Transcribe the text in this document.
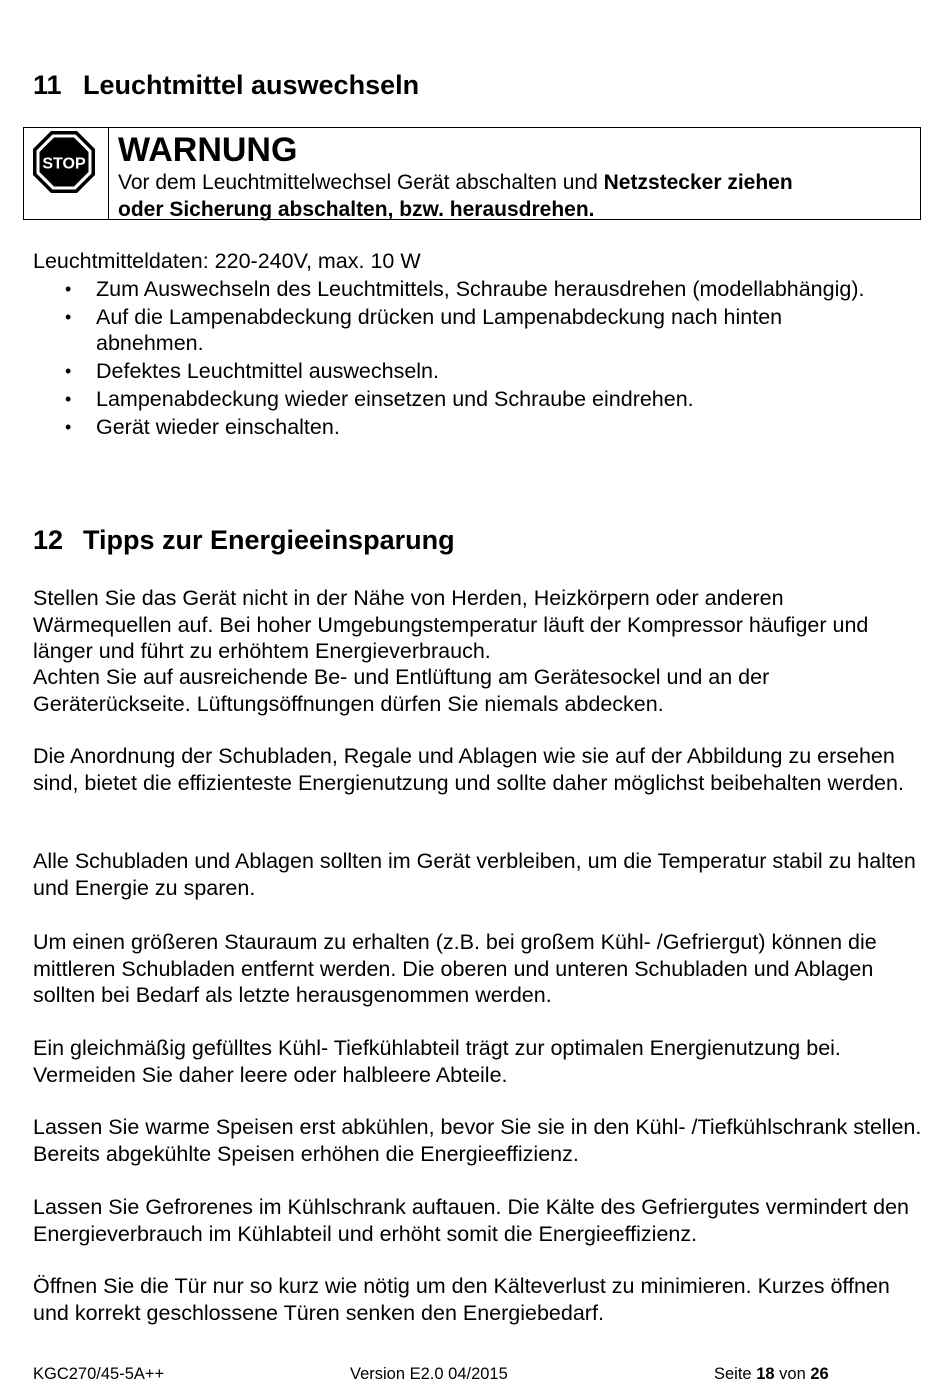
11 Leuchtmittel auswechseln
STOP WARNUNG
Vor dem Leuchtmittelwechsel Gerät abschalten und Netzstecker ziehen
oder Sicherung abschalten, bzw. herausdrehen.

Leuchtmitteldaten: 220-240V, max. 10 W

• Zum Auswechseln des Leuchtmittels, Schraube herausdrehen (modellabhängig).
• Auf die Lampenabdeckung drücken und Lampenabdeckung nach hinten abnehmen.
• Defektes Leuchtmittel auswechseln.
• Lampenabdeckung wieder einsetzen und Schraube eindrehen.
• Gerät wieder einschalten.
12 Tipps zur Energieeinsparung

Stellen Sie das Gerät nicht in der Nähe von Herden, Heizkörpern oder anderen Wärmequellen auf. Bei hoher Umgebungstemperatur läuft der Kompressor häufiger und länger und führt zu erhöhtem Energieverbrauch.

Achten Sie auf ausreichende Be- und Entlüftung am Gerätesockel und an der Geräterückseite. Lüftungsöffnungen dürfen Sie niemals abdecken.

Die Anordnung der Schubladen, Regale und Ablagen wie sie auf der Abbildung zu ersehen sind, bietet die effizienteste Energienutzung und sollte daher möglichst beibehalten werden.

Alle Schubladen und Ablagen sollten im Gerät verbleiben, um die Temperatur stabil zu halten und Energie zu sparen.

Um einen größeren Stauraum zu erhalten (z.B. bei großem Kühl- /Gefriergut) können die mittleren Schubladen entfernt werden. Die oberen und unteren Schubladen und Ablagen sollten bei Bedarf als letzte herausgenommen werden.

Ein gleichmäßig gefülltes Kühl- Tiefkühlabteil trägt zur optimalen Energienutzung bei. Vermeiden Sie daher leere oder halbleere Abteile.

Lassen Sie warme Speisen erst abkühlen, bevor Sie sie in den Kühl- /Tiefkühlschrank stellen. Bereits abgekühlte Speisen erhöhen die Energieeffizienz.

Lassen Sie Gefrorenes im Kühlschrank auftauen. Die Kälte des Gefriergutes vermindert den Energieverbrauch im Kühlabteil und erhöht somit die Energieeffizienz.

Öffnen Sie die Tür nur so kurz wie nötig um den Kälteverlust zu minimieren. Kurzes öffnen und korrekt geschlossene Türen senken den Energiebedarf.

KGC270/45-5A++	Version E2.0 04/2015	Seite 18 von 26
